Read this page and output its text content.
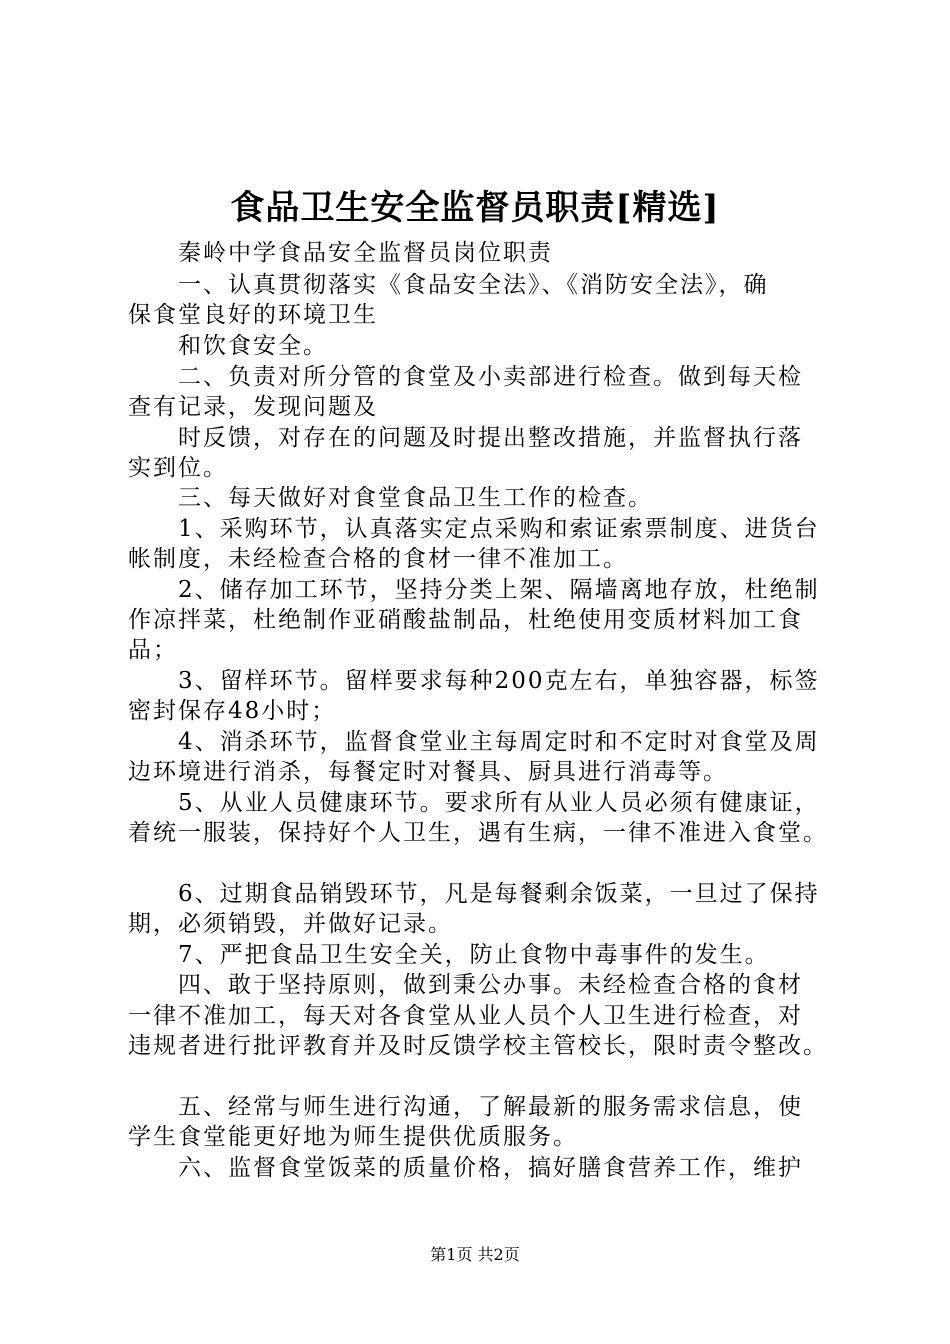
食品卫生安全监督员职责[精选]
秦岭中学食品安全监督员岗位职责
一、认真贯彻落实《食品安全法》、《消防安全法》，确
保食堂良好的环境卫生
和饮食安全。
二、负责对所分管的食堂及小卖部进行检查。做到每天检
查有记录，发现问题及
时反馈，对存在的问题及时提出整改措施，并监督执行落
实到位。
三、每天做好对食堂食品卫生工作的检查。
1、采购环节，认真落实定点采购和索证索票制度、进货台
帐制度，未经检查合格的食材一律不准加工。
2、储存加工环节，坚持分类上架、隔墙离地存放，杜绝制
作凉拌菜，杜绝制作亚硝酸盐制品，杜绝使用变质材料加工食
品；
3、留样环节。留样要求每种200克左右，单独容器，标签
密封保存48小时；
4、消杀环节，监督食堂业主每周定时和不定时对食堂及周
边环境进行消杀，每餐定时对餐具、厨具进行消毒等。
5、从业人员健康环节。要求所有从业人员必须有健康证，
着统一服装，保持好个人卫生，遇有生病，一律不准进入食堂。
6、过期食品销毁环节，凡是每餐剩余饭菜，一旦过了保持
期，必须销毁，并做好记录。
7、严把食品卫生安全关，防止食物中毒事件的发生。
四、敢于坚持原则，做到秉公办事。未经检查合格的食材
一律不准加工，每天对各食堂从业人员个人卫生进行检查，对
违规者进行批评教育并及时反馈学校主管校长，限时责令整改。
五、经常与师生进行沟通，了解最新的服务需求信息，使
学生食堂能更好地为师生提供优质服务。
六、监督食堂饭菜的质量价格，搞好膳食营养工作，维护
第1页 共2页
